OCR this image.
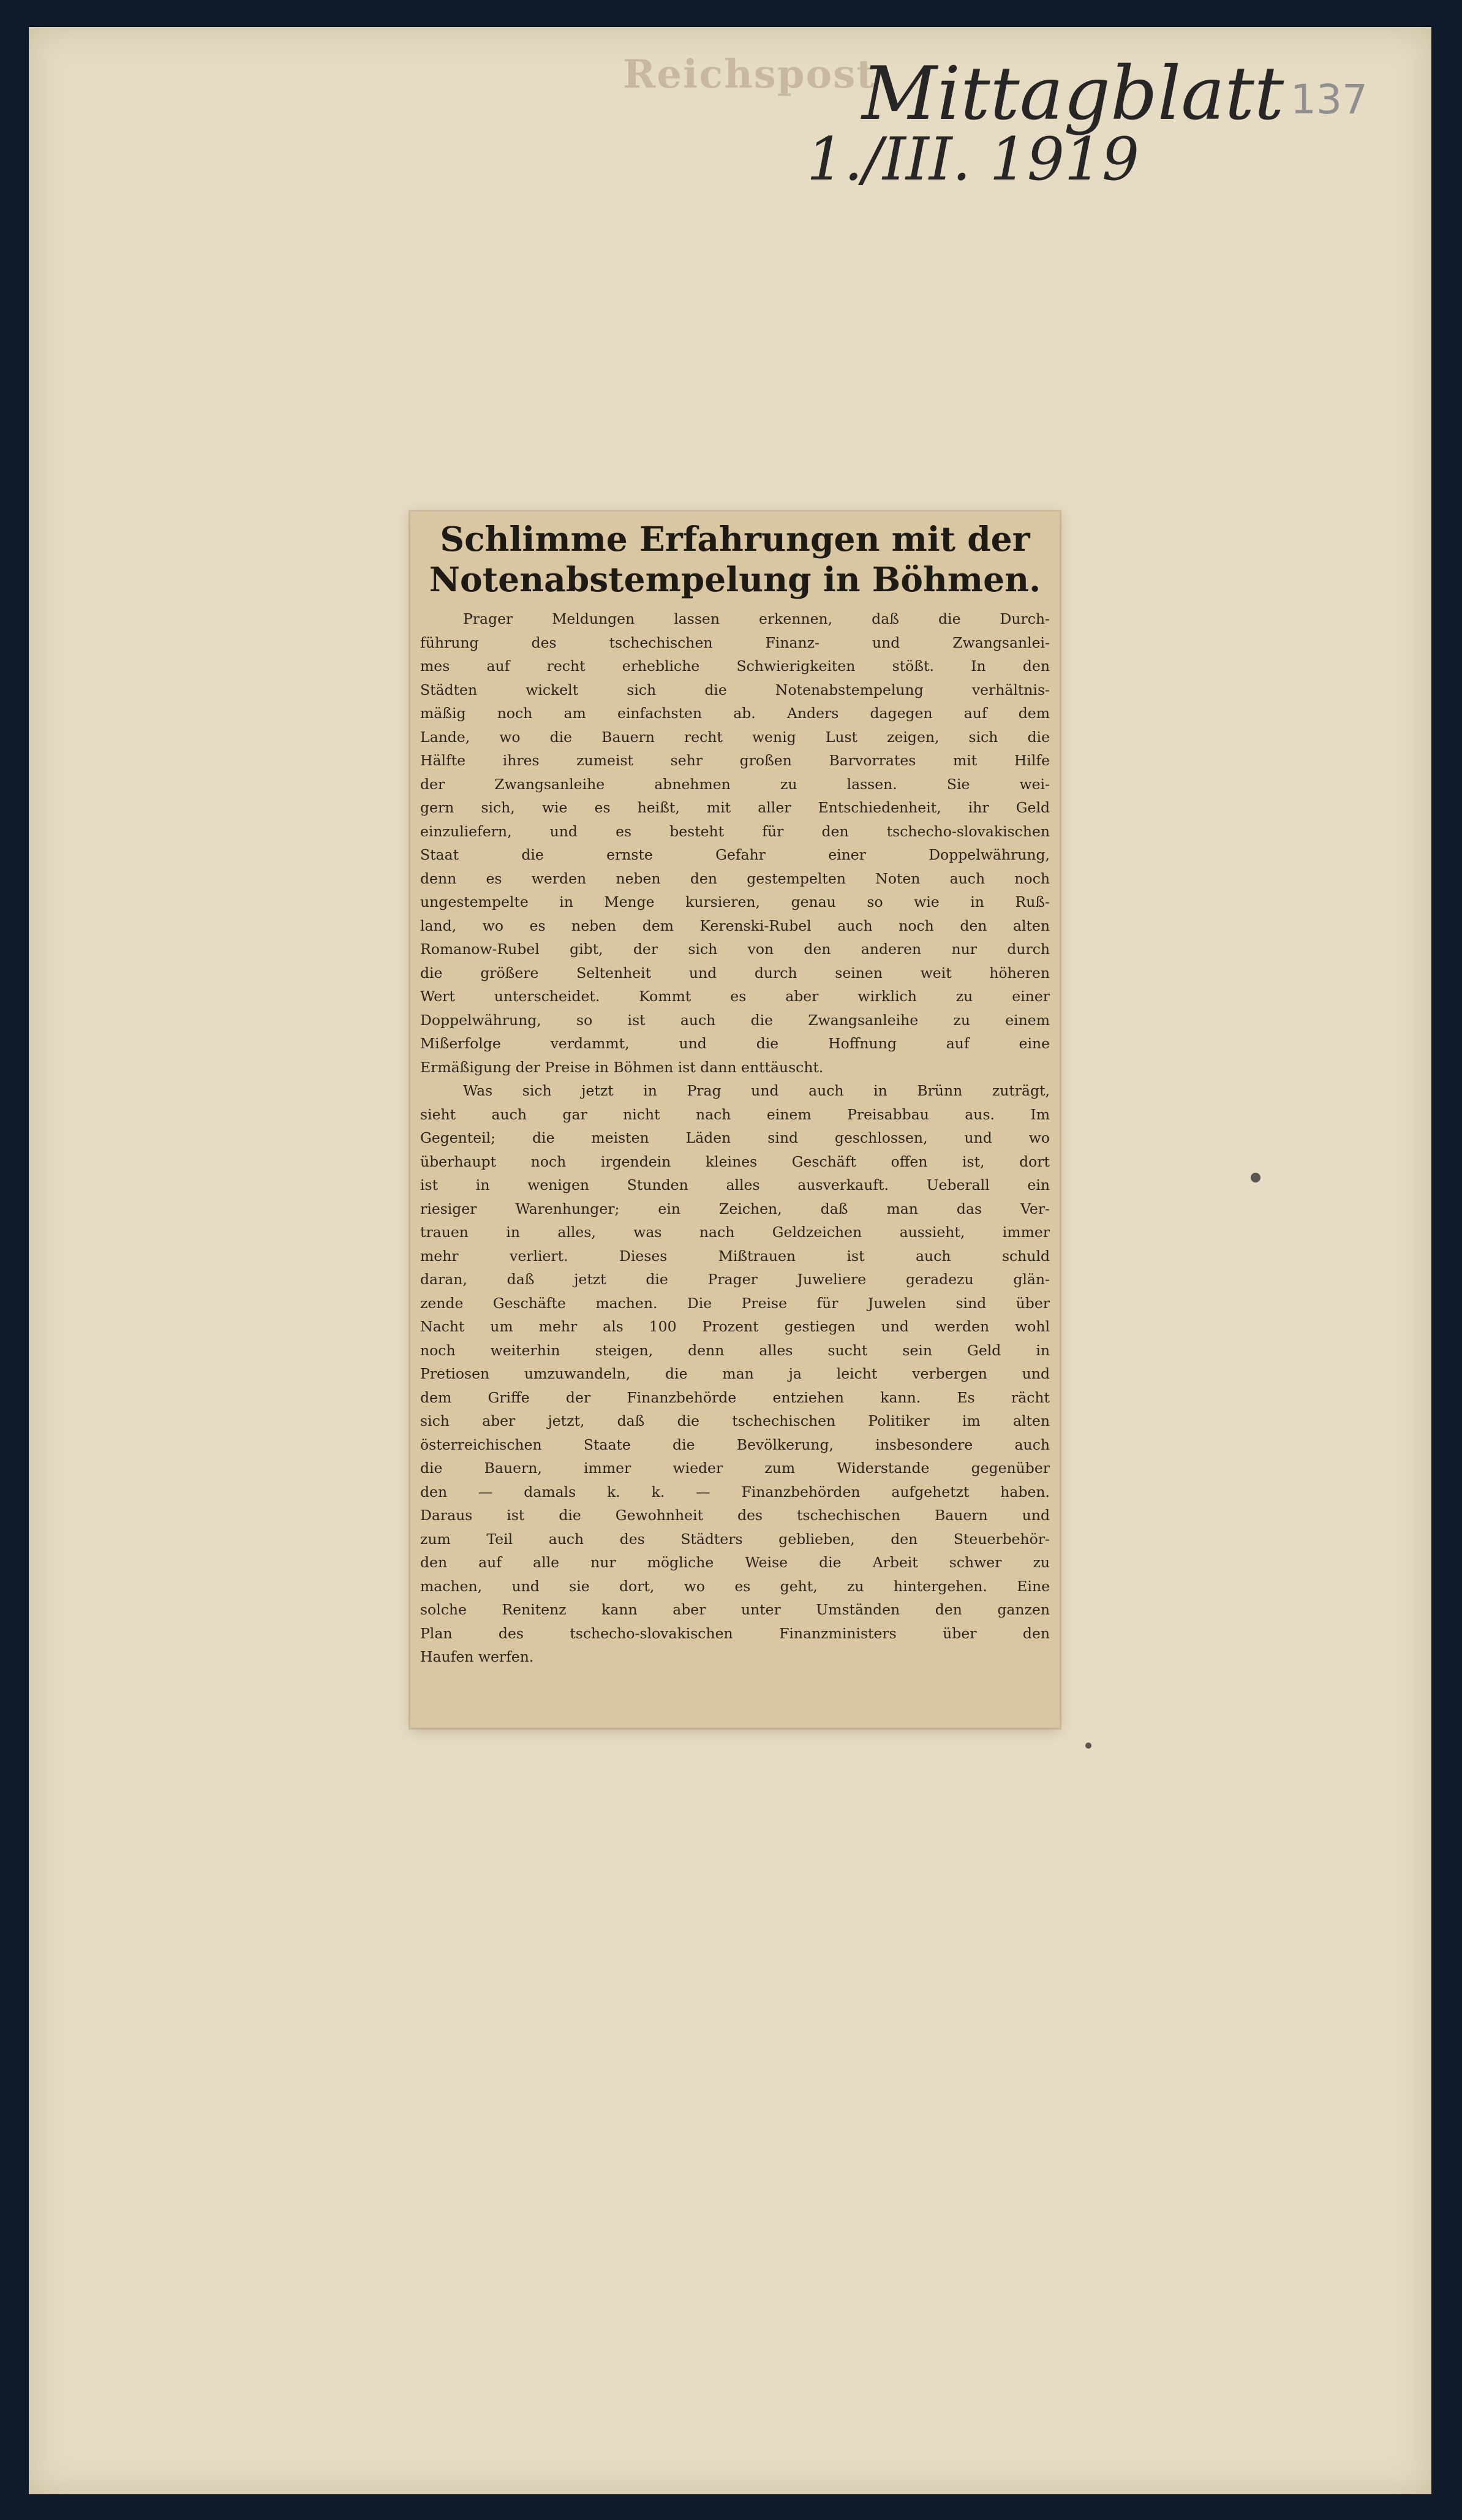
Reichspost
Mittagblatt
1./III. 1919
137
Schlimme Erfahrungen mit der
Notenabstempelung in Böhmen.
Prager Meldungen lassen erkennen, daß die Durch-
führung des tschechischen Finanz- und Zwangsanlei-
mes auf recht erhebliche Schwierigkeiten stößt. In den
Städten wickelt sich die Notenabstempelung verhältnis-
mäßig noch am einfachsten ab. Anders dagegen auf dem
Lande, wo die Bauern recht wenig Lust zeigen, sich die
Hälfte ihres zumeist sehr großen Barvorrates mit Hilfe
der Zwangsanleihe abnehmen zu lassen. Sie wei-
gern sich, wie es heißt, mit aller Entschiedenheit, ihr Geld
einzuliefern, und es besteht für den tschecho-slovakischen
Staat die ernste Gefahr einer Doppelwährung,
denn es werden neben den gestempelten Noten auch noch
ungestempelte in Menge kursieren, genau so wie in Ruß-
land, wo es neben dem Kerenski-Rubel auch noch den alten
Romanow-Rubel gibt, der sich von den anderen nur durch
die größere Seltenheit und durch seinen weit höheren
Wert unterscheidet. Kommt es aber wirklich zu einer
Doppelwährung, so ist auch die Zwangsanleihe zu einem
Mißerfolge verdammt, und die Hoffnung auf eine
Ermäßigung der Preise in Böhmen ist dann enttäuscht.
Was sich jetzt in Prag und auch in Brünn zuträgt,
sieht auch gar nicht nach einem Preisabbau aus. Im
Gegenteil; die meisten Läden sind geschlossen, und wo
überhaupt noch irgendein kleines Geschäft offen ist, dort
ist in wenigen Stunden alles ausverkauft. Ueberall ein
riesiger Warenhunger; ein Zeichen, daß man das Ver-
trauen in alles, was nach Geldzeichen aussieht, immer
mehr verliert. Dieses Mißtrauen ist auch schuld
daran, daß jetzt die Prager Juweliere geradezu glän-
zende Geschäfte machen. Die Preise für Juwelen sind über
Nacht um mehr als 100 Prozent gestiegen und werden wohl
noch weiterhin steigen, denn alles sucht sein Geld in
Pretiosen umzuwandeln, die man ja leicht verbergen und
dem Griffe der Finanzbehörde entziehen kann. Es rächt
sich aber jetzt, daß die tschechischen Politiker im alten
österreichischen Staate die Bevölkerung, insbesondere auch
die Bauern, immer wieder zum Widerstande gegenüber
den — damals k. k. — Finanzbehörden aufgehetzt haben.
Daraus ist die Gewohnheit des tschechischen Bauern und
zum Teil auch des Städters geblieben, den Steuerbehör-
den auf alle nur mögliche Weise die Arbeit schwer zu
machen, und sie dort, wo es geht, zu hintergehen. Eine
solche Renitenz kann aber unter Umständen den ganzen
Plan des tschecho-slovakischen Finanzministers über den
Haufen werfen.
